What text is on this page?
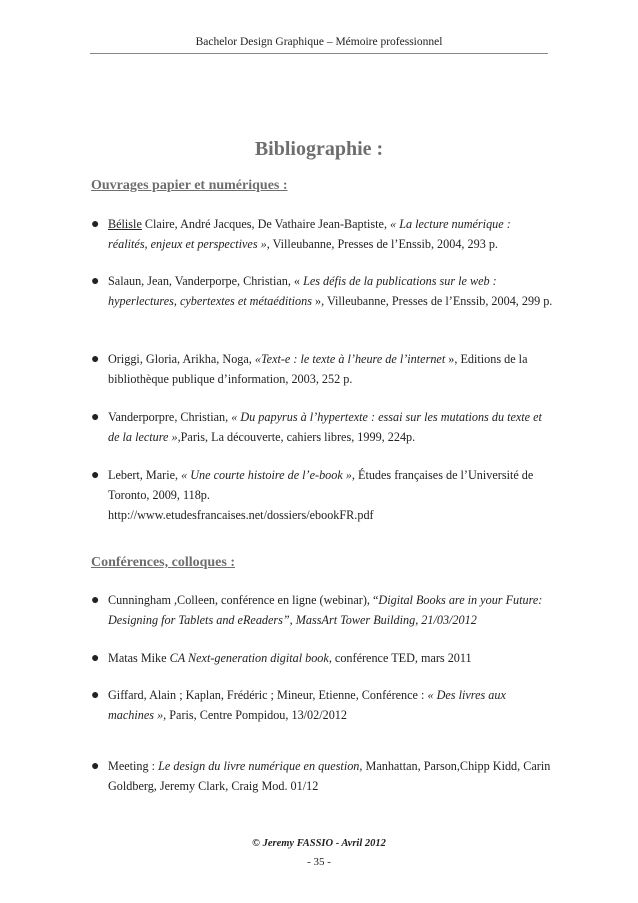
Bachelor Design Graphique – Mémoire professionnel
Bibliographie :
Ouvrages papier et numériques :
● Bélisle Claire, André Jacques, De Vathaire Jean-Baptiste, « La lecture numérique : réalités, enjeux et perspectives », Villeubanne, Presses de l’Enssib, 2004, 293 p.
● Salaun, Jean, Vanderporpe, Christian, « Les défis de la publications sur le web : hyperlectures, cybertextes et métaéditions », Villeubanne, Presses de l’Enssib, 2004, 299 p.
● Origgi, Gloria, Arikha, Noga, «Text-e : le texte à l’heure de l’internet », Editions de la bibliothèque publique d’information, 2003, 252 p.
● Vanderporpre, Christian, « Du papyrus à l’hypertexte : essai sur les mutations du texte et de la lecture »,Paris, La découverte, cahiers libres, 1999, 224p.
● Lebert, Marie, « Une courte histoire de l’e-book », Études françaises de l’Université de Toronto, 2009, 118p.
http://www.etudesfrancaises.net/dossiers/ebookFR.pdf
Conférences, colloques :
● Cunningham ,Colleen, conférence en ligne (webinar), “Digital Books are in your Future: Designing for Tablets and eReaders”, MassArt Tower Building, 21/03/2012
● Matas Mike CA Next-generation digital book, conférence TED, mars 2011
● Giffard, Alain ; Kaplan, Frédéric ; Mineur, Etienne, Conférence : « Des livres aux machines », Paris, Centre Pompidou, 13/02/2012
● Meeting : Le design du livre numérique en question, Manhattan, Parson,Chipp Kidd, Carin Goldberg, Jeremy Clark, Craig Mod. 01/12
© Jeremy FASSIO - Avril 2012
- 35 -
